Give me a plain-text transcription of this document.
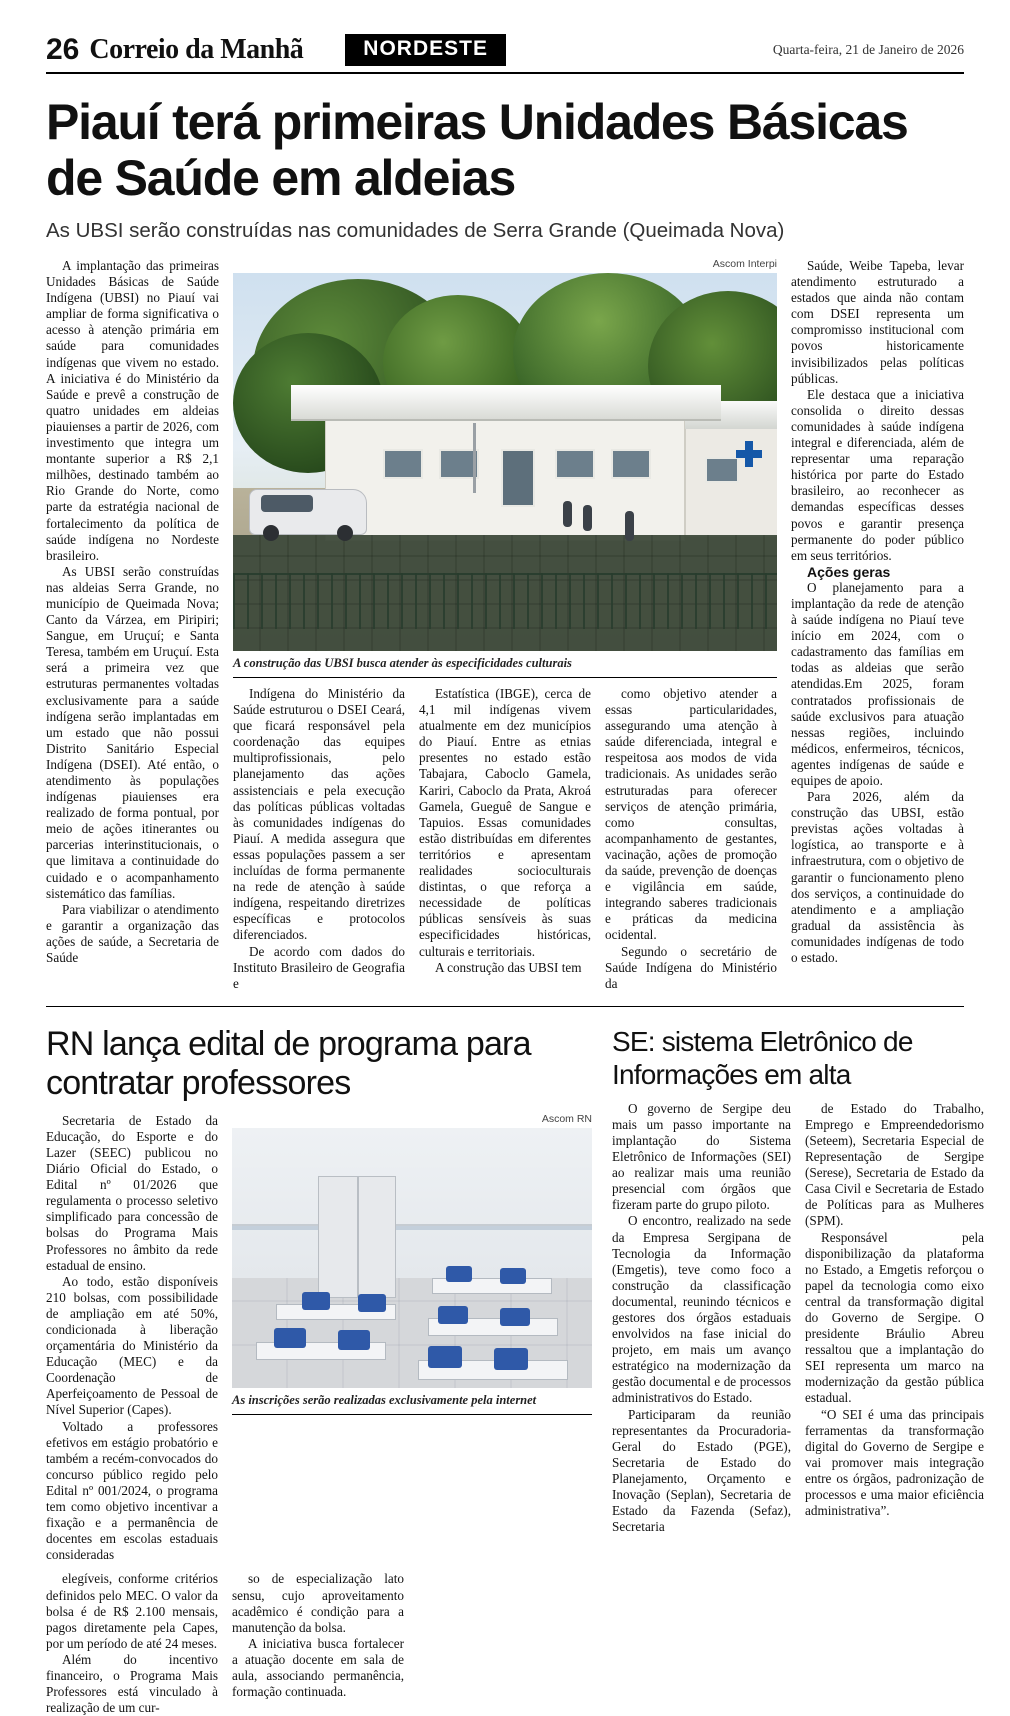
26 Correio da Manhã	NORDESTE	Quarta-feira, 21 de Janeiro de 2026
Piauí terá primeiras Unidades Básicas de Saúde em aldeias
As UBSI serão construídas nas comunidades de Serra Grande (Queimada Nova)

A implantação das primeiras Unidades Básicas de Saúde Indígena (UBSI) no Piauí vai ampliar de forma significativa o acesso à atenção primária em saúde para comunidades indígenas que vivem no estado. A iniciativa é do Ministério da Saúde e prevê a construção de quatro unidades em aldeias piauienses a partir de 2026, com investimento que integra um montante superior a R$ 2,1 milhões, destinado também ao Rio Grande do Norte, como parte da estratégia nacional de fortalecimento da política de saúde indígena no Nordeste brasileiro.

As UBSI serão construídas nas aldeias Serra Grande, no município de Queimada Nova; Canto da Várzea, em Piripiri; Sangue, em Uruçuí; e Santa Teresa, também em Uruçuí. Esta será a primeira vez que estruturas permanentes voltadas exclusivamente para a saúde indígena serão implantadas em um estado que não possui Distrito Sanitário Especial Indígena (DSEI). Até então, o atendimento às populações indígenas piauienses era realizado de forma pontual, por meio de ações itinerantes ou parcerias interinstitucionais, o que limitava a continuidade do cuidado e o acompanhamento sistemático das famílias.

Para viabilizar o atendimento e garantir a organização das ações de saúde, a Secretaria de Saúde

Ascom Interpi
A construção das UBSI busca atender às especificidades culturais

Indígena do Ministério da Saúde estruturou o DSEI Ceará, que ficará responsável pela coordenação das equipes multiprofissionais, pelo planejamento das ações assistenciais e pela execução das políticas públicas voltadas às comunidades indígenas do Piauí. A medida assegura que essas populações passem a ser incluídas de forma permanente na rede de atenção à saúde indígena, respeitando diretrizes específicas e protocolos diferenciados.

De acordo com dados do Instituto Brasileiro de Geografia e

Estatística (IBGE), cerca de 4,1 mil indígenas vivem atualmente em dez municípios do Piauí. Entre as etnias presentes no estado estão Tabajara, Caboclo Gamela, Kariri, Caboclo da Prata, Akroá Gamela, Gueguê de Sangue e Tapuios. Essas comunidades estão distribuídas em diferentes territórios e apresentam realidades socioculturais distintas, o que reforça a necessidade de políticas públicas sensíveis às suas especificidades históricas, culturais e territoriais.

A construção das UBSI tem

como objetivo atender a essas particularidades, assegurando uma atenção à saúde diferenciada, integral e respeitosa aos modos de vida tradicionais. As unidades serão estruturadas para oferecer serviços de atenção primária, como consultas, acompanhamento de gestantes, vacinação, ações de promoção da saúde, prevenção de doenças e vigilância em saúde, integrando saberes tradicionais e práticas da medicina ocidental.

Segundo o secretário de Saúde Indígena do Ministério da

Saúde, Weibe Tapeba, levar atendimento estruturado a estados que ainda não contam com DSEI representa um compromisso institucional com povos historicamente invisibilizados pelas políticas públicas.

Ele destaca que a iniciativa consolida o direito dessas comunidades à saúde indígena integral e diferenciada, além de representar uma reparação histórica por parte do Estado brasileiro, ao reconhecer as demandas específicas desses povos e garantir presença permanente do poder público em seus territórios.

Ações geras

O planejamento para a implantação da rede de atenção à saúde indígena no Piauí teve início em 2024, com o cadastramento das famílias em todas as aldeias que serão atendidas.Em 2025, foram contratados profissionais de saúde exclusivos para atuação nessas regiões, incluindo médicos, enfermeiros, técnicos, agentes indígenas de saúde e equipes de apoio.

Para 2026, além da construção das UBSI, estão previstas ações voltadas à logística, ao transporte e à infraestrutura, com o objetivo de garantir o funcionamento pleno dos serviços, a continuidade do atendimento e a ampliação gradual da assistência às comunidades indígenas de todo o estado.

RN lança edital de programa para contratar professores

Secretaria de Estado da Educação, do Esporte e do Lazer (SEEC) publicou no Diário Oficial do Estado, o Edital nº 01/2026 que regulamenta o processo seletivo simplificado para concessão de bolsas do Programa Mais Professores no âmbito da rede estadual de ensino.

Ao todo, estão disponíveis 210 bolsas, com possibilidade de ampliação em até 50%, condicionada à liberação orçamentária do Ministério da Educação (MEC) e da Coordenação de Aperfeiçoamento de Pessoal de Nível Superior (Capes).

Voltado a professores efetivos em estágio probatório e também a recém-convocados do concurso público regido pelo Edital nº 001/2024, o programa tem como objetivo incentivar a fixação e a permanência de docentes em escolas estaduais consideradas

Ascom RN
As inscrições serão realizadas exclusivamente pela internet

elegíveis, conforme critérios definidos pelo MEC. O valor da bolsa é de R$ 2.100 mensais, pagos diretamente pela Capes, por um período de até 24 meses.

Além do incentivo financeiro, o Programa Mais Professores está vinculado à realização de um cur-

so de especialização lato sensu, cujo aproveitamento acadêmico é condição para a manutenção da bolsa.

A iniciativa busca fortalecer a atuação docente em sala de aula, associando permanência, formação continuada.

SE: sistema Eletrônico de Informações em alta

O governo de Sergipe deu mais um passo importante na implantação do Sistema Eletrônico de Informações (SEI) ao realizar mais uma reunião presencial com órgãos que fizeram parte do grupo piloto.

O encontro, realizado na sede da Empresa Sergipana de Tecnologia da Informação (Emgetis), teve como foco a construção da classificação documental, reunindo técnicos e gestores dos órgãos estaduais envolvidos na fase inicial do projeto, em mais um avanço estratégico na modernização da gestão documental e de processos administrativos do Estado.

Participaram da reunião representantes da Procuradoria-Geral do Estado (PGE), Secretaria de Estado do Planejamento, Orçamento e Inovação (Seplan), Secretaria de Estado da Fazenda (Sefaz), Secretaria

de Estado do Trabalho, Emprego e Empreendedorismo (Seteem), Secretaria Especial de Representação de Sergipe (Serese), Secretaria de Estado da Casa Civil e Secretaria de Estado de Políticas para as Mulheres (SPM).

Responsável pela disponibilização da plataforma no Estado, a Emgetis reforçou o papel da tecnologia como eixo central da transformação digital do Governo de Sergipe. O presidente Bráulio Abreu ressaltou que a implantação do SEI representa um marco na modernização da gestão pública estadual.

“O SEI é uma das principais ferramentas da transformação digital do Governo de Sergipe e vai promover mais integração entre os órgãos, padronização de processos e uma maior eficiência administrativa”.
